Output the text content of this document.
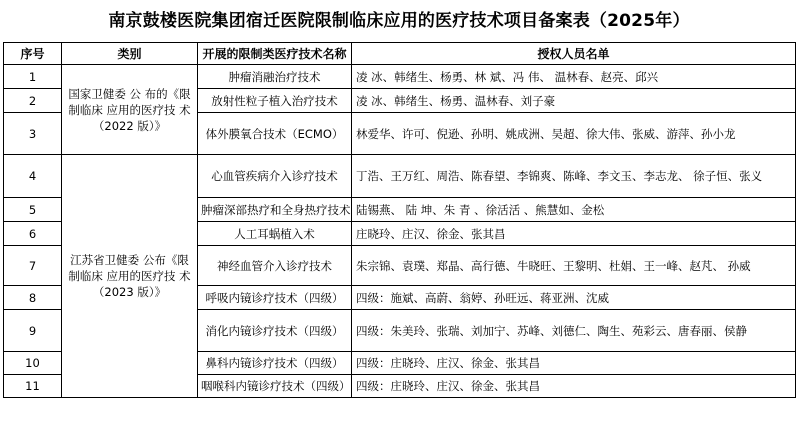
南京鼓楼医院集团宿迁医院限制临床应用的医疗技术项目备案表（2025年）
序号	类别	开展的限制类医疗技术名称	授权人员名单
1	国家卫健委 公 布的《限制临床 应用的医疗技 术（2022 版）》	肿瘤消融治疗技术	凌 冰、韩绪生、杨勇、林 斌、冯 伟、 温林春、赵亮、邱兴
2		放射性粒子植入治疗技术	凌 冰、韩绪生、杨勇、温林春、刘子豪
3		体外膜氧合技术（ECMO）	林爱华、许可、倪逊、孙明、姚成洲、吴超、徐大伟、张威、游萍、孙小龙
4	江苏省卫健委 公布《限制临床 应用的医疗技 术（2023 版）》	心血管疾病介入诊疗技术	丁浩、王万红、周浩、陈春望、李锦爽、陈峰、李文玉、李志龙、 徐子恒、张义
5		肿瘤深部热疗和全身热疗技术	陆锡燕、 陆 坤、朱 青 、徐活活 、熊慧如、金松
6		人工耳蜗植入术	庄晓玲、庄汉、徐金、张其昌
7		神经血管介入诊疗技术	朱宗锦、袁璞、郑晶、高行德、牛晓旺、王黎明、杜娟、王一峰、赵芃、 孙威
8		呼吸内镜诊疗技术（四级）	四级：施斌、高蔚、翁婷、孙旺远、蒋亚洲、沈威
9		消化内镜诊疗技术（四级）	四级：朱美玲、张瑞、刘加宁、苏峰、刘德仁、陶生、苑彩云、唐春丽、侯静
10		鼻科内镜诊疗技术（四级）	四级：庄晓玲、庄汉、徐金、张其昌
11		咽喉科内镜诊疗技术（四级）	四级：庄晓玲、庄汉、徐金、张其昌
